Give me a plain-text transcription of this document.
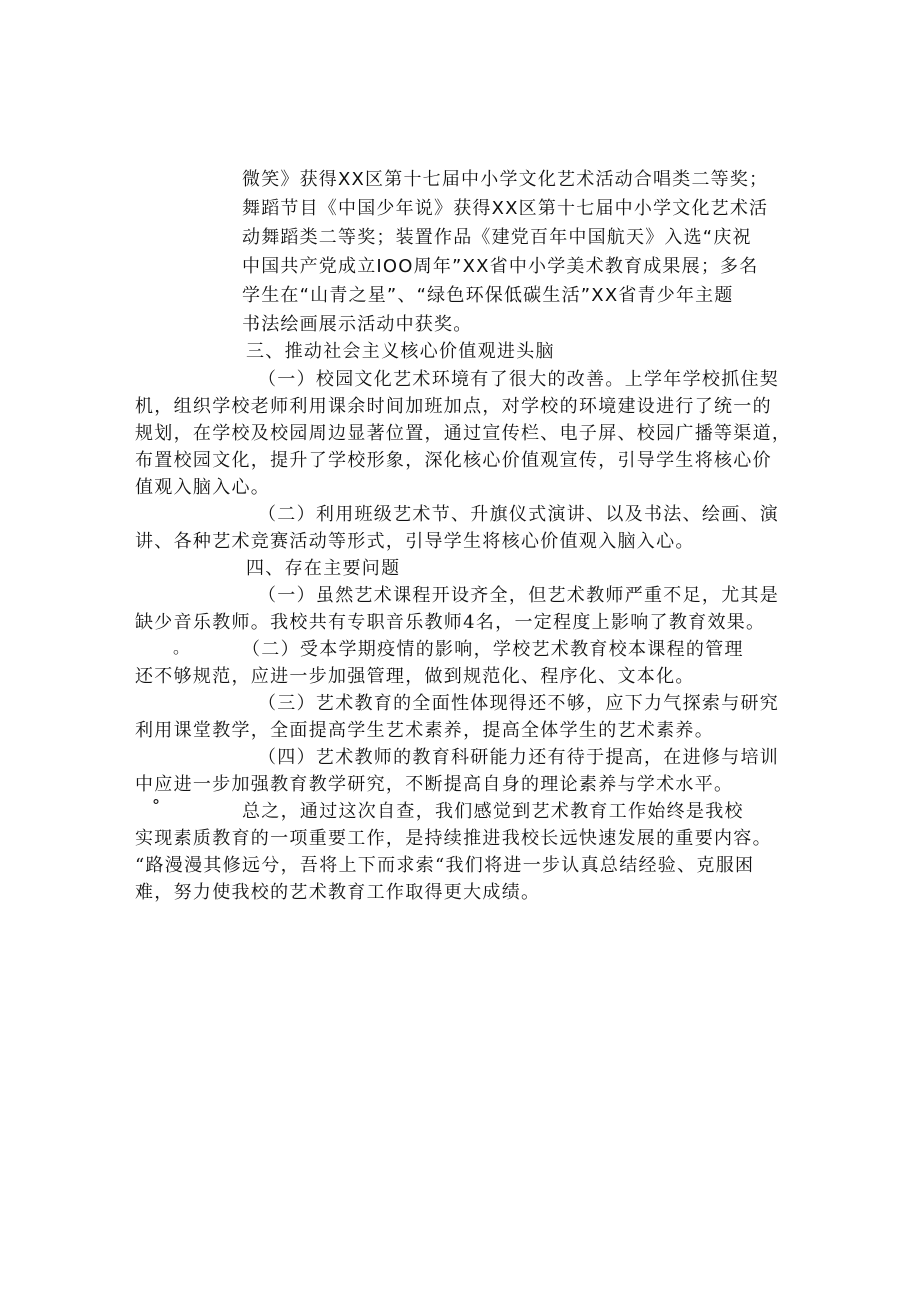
微笑》获得XX区第十七届中小学文化艺术活动合唱类二等奖；
舞蹈节目《中国少年说》获得XX区第十七届中小学文化艺术活
动舞蹈类二等奖；装置作品《建党百年中国航天》入选“庆祝
中国共产党成立IOO周年”XX省中小学美术教育成果展；多名
学生在“山青之星”、“绿色环保低碳生活”XX省青少年主题
书法绘画展示活动中获奖。
三、推动社会主义核心价值观进头脑
（一）校园文化艺术环境有了很大的改善。上学年学校抓住契
机，组织学校老师利用课余时间加班加点，对学校的环境建设进行了统一的
规划，在学校及校园周边显著位置，通过宣传栏、电子屏、校园广播等渠道，
布置校园文化，提升了学校形象，深化核心价值观宣传，引导学生将核心价
值观入脑入心。
（二）利用班级艺术节、升旗仪式演讲、以及书法、绘画、演
讲、各种艺术竞赛活动等形式，引导学生将核心价值观入脑入心。
四、存在主要问题
（一）虽然艺术课程开设齐全，但艺术教师严重不足，尤其是
缺少音乐教师。我校共有专职音乐教师4名，一定程度上影响了教育效果。
。	（二）受本学期疫情的影响，学校艺术教育校本课程的管理
还不够规范，应进一步加强管理，做到规范化、程序化、文本化。
（三）艺术教育的全面性体现得还不够，应下力气探索与研究
利用课堂教学，全面提高学生艺术素养，提高全体学生的艺术素养。
（四）艺术教师的教育科研能力还有待于提高，在进修与培训
中应进一步加强教育教学研究，不断提高自身的理论素养与学术水平。
°	总之，通过这次自查，我们感觉到艺术教育工作始终是我校
实现素质教育的一项重要工作，是持续推进我校长远快速发展的重要内容。
“路漫漫其修远兮，吾将上下而求索“我们将进一步认真总结经验、克服困
难，努力使我校的艺术教育工作取得更大成绩。
